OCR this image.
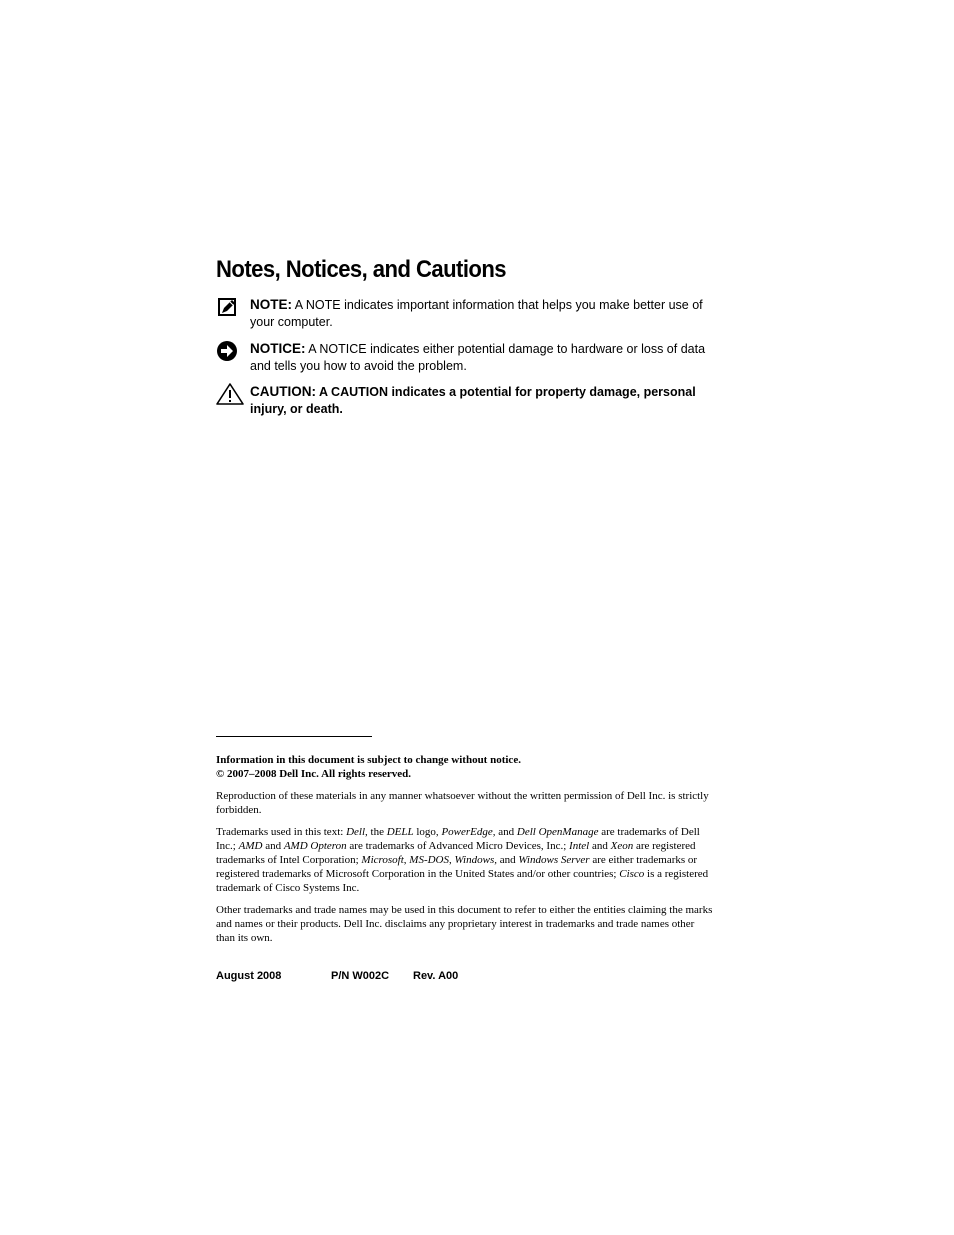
Notes, Notices, and Cautions
NOTE: A NOTE indicates important information that helps you make better use of your computer.
NOTICE: A NOTICE indicates either potential damage to hardware or loss of data and tells you how to avoid the problem.
CAUTION: A CAUTION indicates a potential for property damage, personal injury, or death.

Information in this document is subject to change without notice.

© 2007–2008 Dell Inc. All rights reserved.

Reproduction of these materials in any manner whatsoever without the written permission of Dell Inc. is strictly forbidden.

Trademarks used in this text: Dell, the DELL logo, PowerEdge, and Dell OpenManage are trademarks of Dell Inc.; AMD and AMD Opteron are trademarks of Advanced Micro Devices, Inc.; Intel and Xeon are registered trademarks of Intel Corporation; Microsoft, MS-DOS, Windows, and Windows Server are either trademarks or registered trademarks of Microsoft Corporation in the United States and/or other countries; Cisco is a registered trademark of Cisco Systems Inc.

Other trademarks and trade names may be used in this document to refer to either the entities claiming the marks and names or their products. Dell Inc. disclaims any proprietary interest in trademarks and trade names other than its own.

August 2008	P/N W002C Rev. A00
